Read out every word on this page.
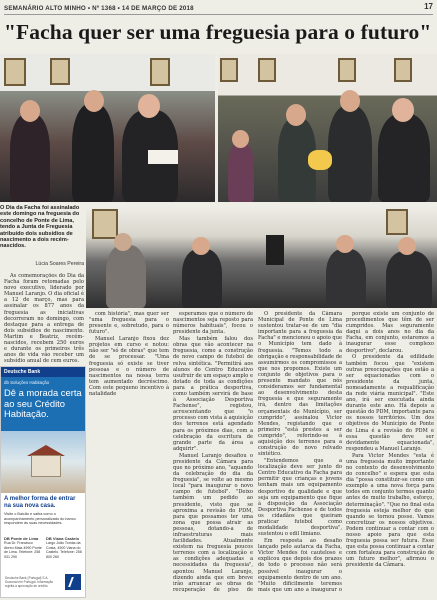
SEMANÁRIO ALTO MINHO • Nº 1368 • 14 DE MARÇO DE 2018	17
"Facha quer ser uma freguesia para o futuro"
O Dia da Facha foi assinalado este domingo na freguesia do concelho de Ponte de Lima, tendo a Junta de Freguesia atribuído dois subsídios de nascimento a dois recém-nascidos.
Lúcia Soares Pereira

As comemorações do Dia da Facha foram retomadas pelo novo executivo, liderado por Manuel Laranjo. O dia oficial é a 12 de março, mas para assinalar os 877 anos da freguesia as iniciativas decorreram no domingo, com destaque para a entrega de dois subsídios de nascimento. Martim e Beatriz, recém-nascidos, recebem 250 euros e durante os primeiros três anos de vida vão receber um subsídio anual de cem euros.

com história", mas quer ser "uma freguesia para o presente e, sobretudo, para o futuro".

Manuel Laranjo fixou dez projetos em curso e notou: não ser "só de obras" que tem de se processar. "Uma freguesia só existe se tiver pessoas e o número de nascimentos na nossa terra tem aumentado decréscimo. Com este pequeno incentivo à natalidade

esperamos que o número de nascimentos seja reposto para números habituais", focou o presidente da junta.

Mas também falou dos obras que vão acontecer na freguesia, como a construção de novo campo de futebol de relva sintética. "Permitirá aos alunos do Centro Educativo usufruir de um espaço amplo e dotado de toda as condições para a prática desportiva, como também servirá de base à Associação Desportiva Fachense", registou, acrescentando que "o processo com vista à aquisição dos terrenos está agendado para os próximos dias, com a celebração da escritura de grande parte da área a adquirir".

Manuel Laranjo desafiou o presidente da Câmara para que no próximo ano, "aquando da celebração do dia da freguesia", se volte ao mesmo local "para inaugurar o novo campo de futebol". "Deixo também um pedido ao presidente, visto que se aproxima a revisão do PDM, para que possamos ter uma zona que possa atrair as pessoas, dotando-a de infraestruturas mais facilidades. Atualmente existem na freguesia poucos terrenos com a localização e as condições adequadas a necessidades da freguesia", apontou Manuel Laranjo, dizendo ainda que em breve irão arrancar as obras de recuperação de piso de

O presidente da Câmara Municipal de Ponte de Lima sustentou tratar-se de um "dia importante para a freguesia da Facha" e mencionou o apoio que o Município tem dado à freguesia. "Temos todo a obrigação e responsabilidade de assumirmos os compromissos a que nos propomos. Existe um conjunto de objetivos para o presente mandato que nós consideramos ser fundamental ao desenvolvimento desta freguesia e que seguramente irá, dentro das limitações orçamentais do Município, ser cumprido", assinalou Victor Mendes, registando que o primeiro "está prestes a ser cumprido", referindo-se à aquisição dos terrenos para a construção do novo relvado sintético.

"Entendemos que a localização deve ser junto do Centro Educativo da Facha para permitir que crianças e jovens tenham mais um equipamento desportivo de qualidade e que seja um equipamento que fique à disposição da Associação Desportiva Fachense e de todos os cidadãos que queiram praticar futebol como modalidade desportiva", sustentou o edil limiano.

Em resposta ao desafio lançado pelo autarca da Facha, Victor Mendes foi cauteloso e explicou que depois dos prazos de todo o processo não será possível inaugurar o equipamento dentro de um ano. "Muito dificilmente teremos mais que um ano a inaugurar o

porque existe um conjunto de procedimentos que têm de ser cumpridos. Mas seguramente daqui a dois anos no dia da Facha, em conjunto, estaremos a inaugurar esse complexo desportivo", declarou.

O presidente da edilidade também focou que "existem outras preocupações que estão a ser equacionadas com o presidente da junta, nomeadamente a requalificação da rede viária municipal". "Este ano, irá ser executada ainda durante este ano. Há depois a questão do PDM, importante para os nossos territórios. Um dos objetivos do Município de Ponte de Lima é a revisão do PDM e essa questão deve ser devidamente equacionada", respondeu a Manuel Laranjo.

Para Victor Mendes "esta é uma freguesia muito importante no contexto do desenvolvimento do concelho" e espera que esta dia "possa constituir-se como um exemplo a uma nova força para todos em conjunto termos quanto antes de muito trabalho, esforço, determinação". "Que no final esta freguesia esteja melhor do que quando se tornou posse. Vamos concretizar os nossos objetivos. Podem continuar a contar com o nosso apoio para que esta freguesia possa ser futura. Esse que esta possa continuar a contar com fortaleza para construção de um futuro melhor", afirmou o presidente da Câmara.

Deutsche Bank
db Soluções Habitação
Dê a morada certa ao seu Crédito Habitação.
A melhor forma de entrar na sua nova casa.
Visite o Balcão e saiba como o acompanhamento personalizado do banco respondem às suas necessidades.
DB Ponte de Lima
Rua Dr. Francisco Abreu Maia 4990 Ponte de Lima. Telefone: 258 931 290
DB Viana Castelo
Largo João Tomás da Costa, 4900 Viana do Castelo. Telefone: 258 800 260
Deutsche Bank (Portugal) S.A. Sucursal em Portugal. Informação sujeita a aprovação de crédito.
